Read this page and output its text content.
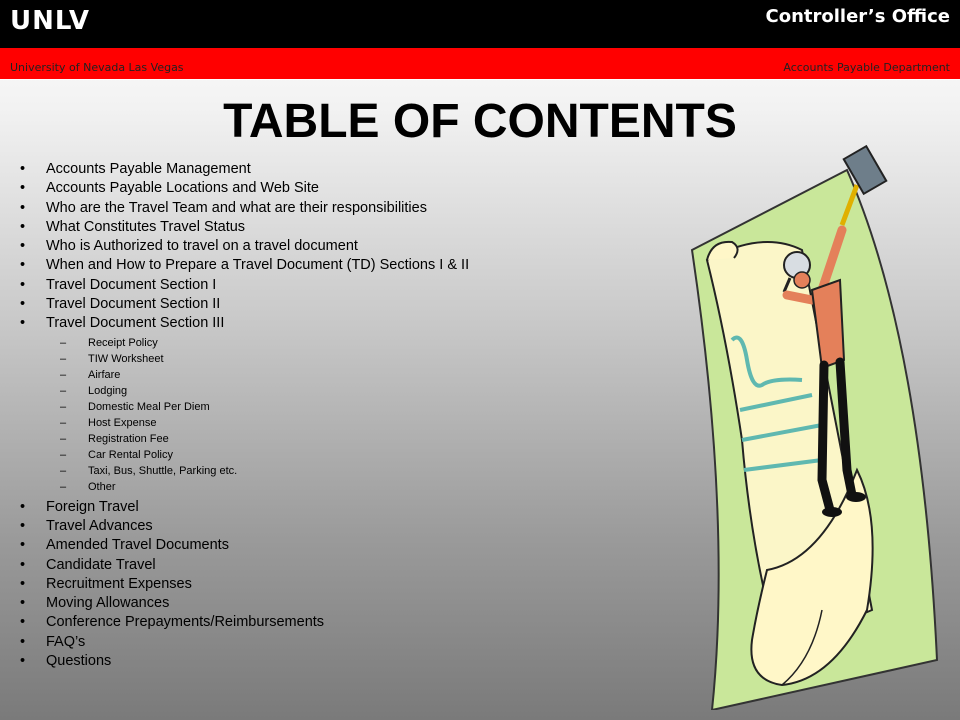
UNLV	Controller’s Office
University of Nevada Las Vegas	Accounts Payable Department
TABLE OF CONTENTS
• Accounts Payable Management
• Accounts Payable Locations and Web Site
• Who are the Travel Team and what are their responsibilities
• What Constitutes Travel Status
• Who is Authorized to travel on a travel document
• When and How to Prepare a Travel Document (TD) Sections I & II
• Travel Document Section I
• Travel Document Section II
• Travel Document Section III
– Receipt Policy
– TIW Worksheet
– Airfare
– Lodging
– Domestic Meal Per Diem
– Host Expense
– Registration Fee
– Car Rental Policy
– Taxi, Bus, Shuttle, Parking etc.
– Other
• Foreign Travel
• Travel Advances
• Amended Travel Documents
• Candidate Travel
• Recruitment Expenses
• Moving Allowances
• Conference Prepayments/Reimbursements
• FAQ’s
• Questions
